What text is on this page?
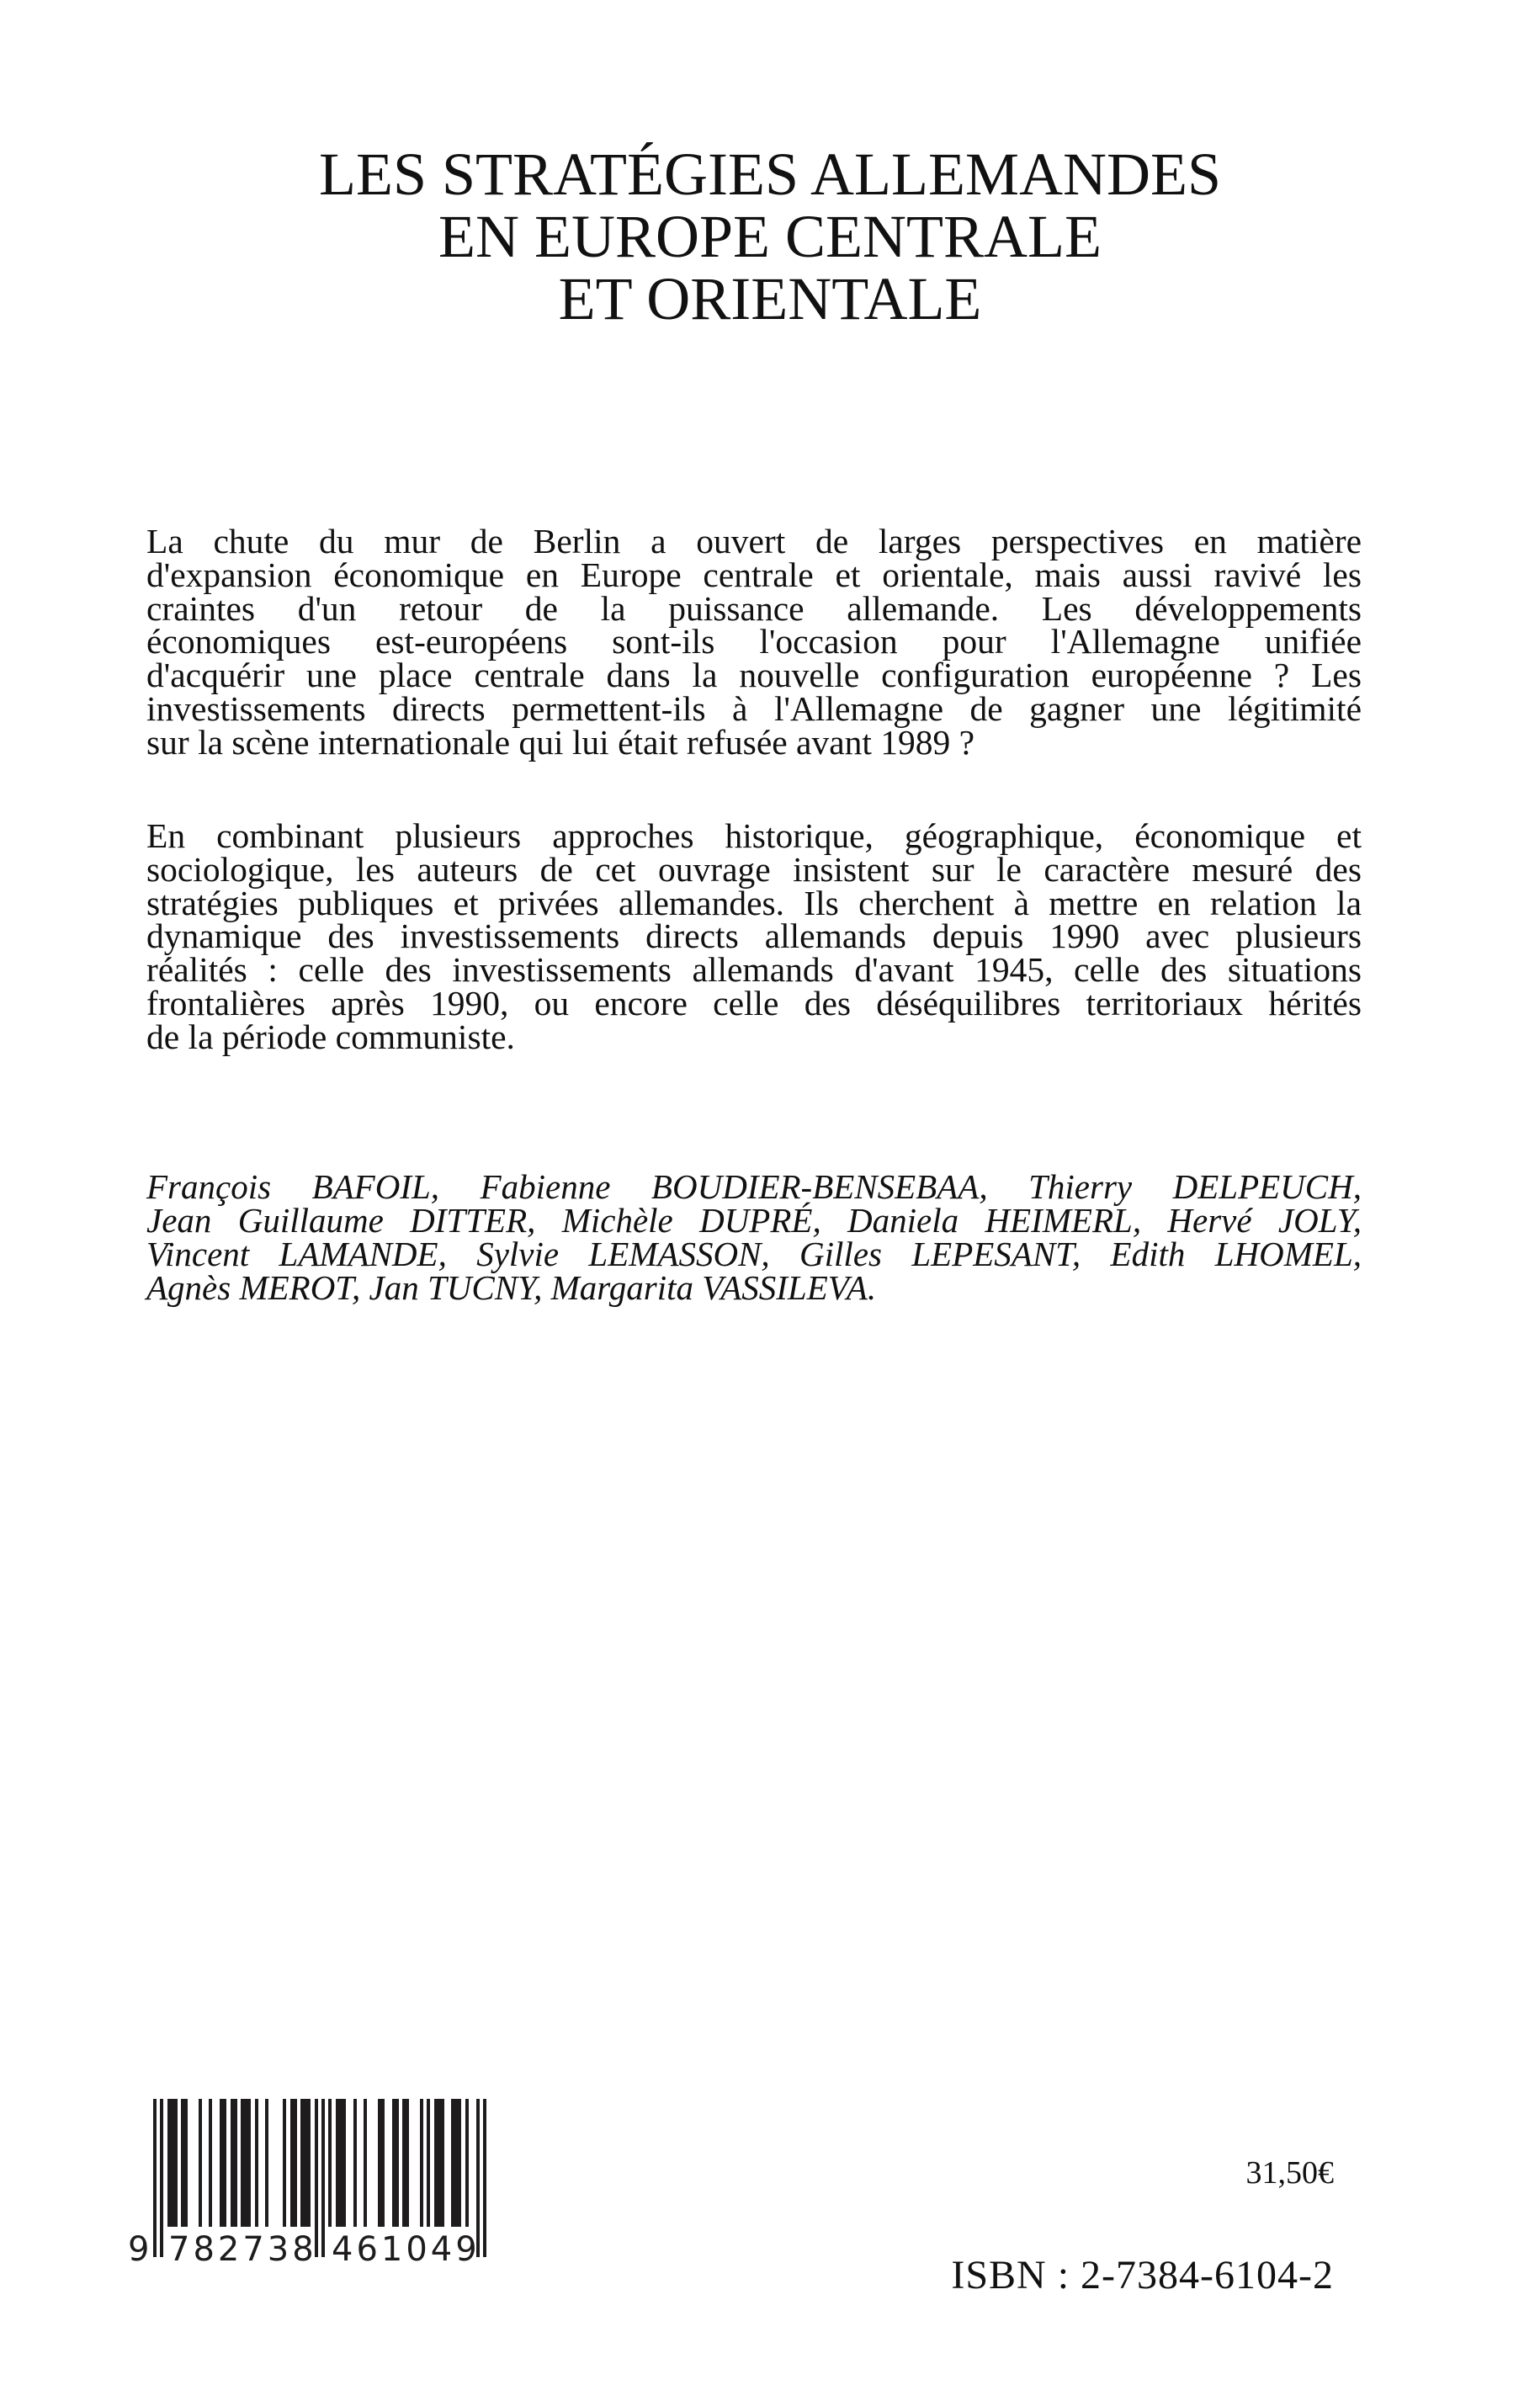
LES STRATÉGIES ALLEMANDES
EN EUROPE CENTRALE
ET ORIENTALE
La chute du mur de Berlin a ouvert de larges perspectives en matière
d'expansion économique en Europe centrale et orientale, mais aussi ravivé les
craintes d'un retour de la puissance allemande. Les développements
économiques est-européens sont-ils l'occasion pour l'Allemagne unifiée
d'acquérir une place centrale dans la nouvelle configuration européenne ? Les
investissements directs permettent-ils à l'Allemagne de gagner une légitimité
sur la scène internationale qui lui était refusée avant 1989 ?
En combinant plusieurs approches historique, géographique, économique et
sociologique, les auteurs de cet ouvrage insistent sur le caractère mesuré des
stratégies publiques et privées allemandes. Ils cherchent à mettre en relation la
dynamique des investissements directs allemands depuis 1990 avec plusieurs
réalités : celle des investissements allemands d'avant 1945, celle des situations
frontalières après 1990, ou encore celle des déséquilibres territoriaux hérités
de la période communiste.
François BAFOIL, Fabienne BOUDIER-BENSEBAA, Thierry DELPEUCH,
Jean Guillaume DITTER, Michèle DUPRÉ, Daniela HEIMERL, Hervé JOLY,
Vincent LAMANDE, Sylvie LEMASSON, Gilles LEPESANT, Edith LHOMEL,
Agnès MEROT, Jan TUCNY, Margarita VASSILEVA.
9 782738 461049
31,50€
ISBN : 2-7384-6104-2
